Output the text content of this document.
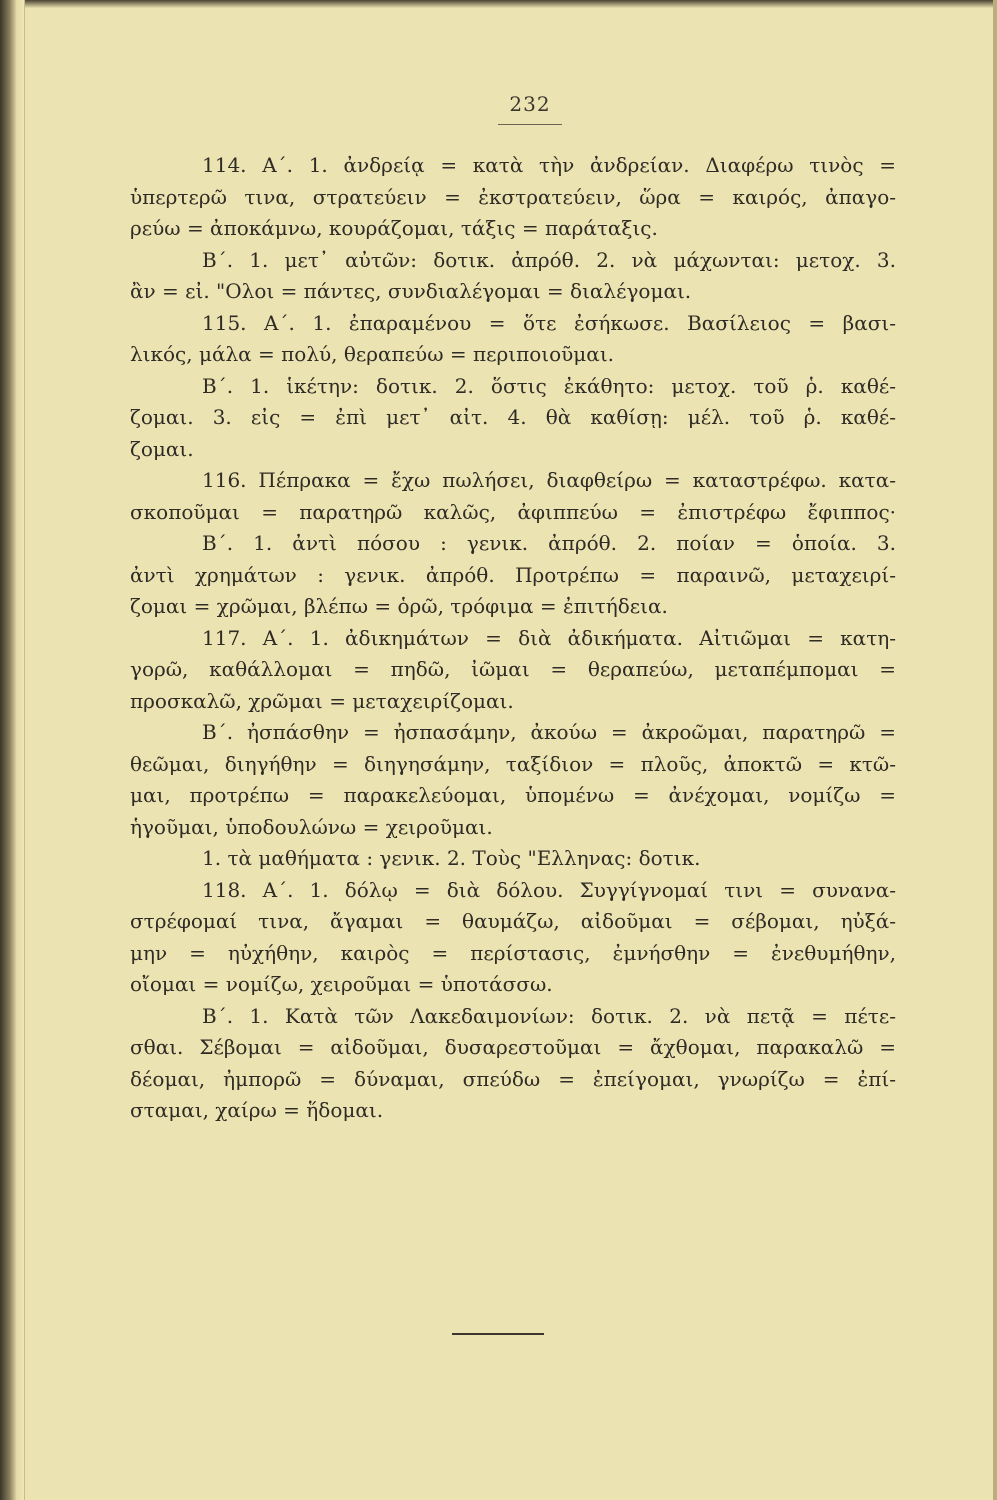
232

114. Α΄. 1. ἀνδρείᾳ = κατὰ τὴν ἀνδρείαν. Διαφέρω τινὸς =

ὑπερτερῶ τινα, στρατεύειν = ἐκστρατεύειν, ὥρα = καιρός, ἀπαγο-

ρεύω = ἀποκάμνω, κουράζομαι, τάξις = παράταξις.

Β΄. 1. μετ᾽ αὐτῶν: δοτικ. ἀπρόθ. 2. νὰ μάχωνται: μετοχ. 3.

ἂν = εἰ. "Ολοι = πάντες, συνδιαλέγομαι = διαλέγομαι.

115. Α΄. 1. ἐπαραμένου = ὅτε ἐσήκωσε. Βασίλειος = βασι-

λικός, μάλα = πολύ, θεραπεύω = περιποιοῦμαι.

Β΄. 1. ἱκέτην: δοτικ. 2. ὅστις ἐκάθητο: μετοχ. τοῦ ῥ. καθέ-

ζομαι. 3. εἰς = ἐπὶ μετ᾽ αἰτ. 4. θὰ καθίσῃ: μέλ. τοῦ ῥ. καθέ-

ζομαι.

116. Πέπρακα = ἔχω πωλήσει, διαφθείρω = καταστρέφω. κατα-

σκοποῦμαι = παρατηρῶ καλῶς, ἀφιππεύω = ἐπιστρέφω ἔφιππος·

Β΄. 1. ἀντὶ πόσου : γενικ. ἀπρόθ. 2. ποίαν = ὁποία. 3.

ἀντὶ χρημάτων : γενικ. ἀπρόθ. Προτρέπω = παραινῶ, μεταχειρί-

ζομαι = χρῶμαι, βλέπω = ὁρῶ, τρόφιμα = ἐπιτήδεια.

117. Α΄. 1. ἀδικημάτων = διὰ ἀδικήματα. Αἰτιῶμαι = κατη-

γορῶ, καθάλλομαι = πηδῶ, ἰῶμαι = θεραπεύω, μεταπέμπομαι =

προσκαλῶ, χρῶμαι = μεταχειρίζομαι.

Β΄. ἠσπάσθην = ἠσπασάμην, ἀκούω = ἀκροῶμαι, παρατηρῶ =

θεῶμαι, διηγήθην = διηγησάμην, ταξίδιον = πλοῦς, ἀποκτῶ = κτῶ-

μαι, προτρέπω = παρακελεύομαι, ὑπομένω = ἀνέχομαι, νομίζω =

ἡγοῦμαι, ὑποδουλώνω = χειροῦμαι.

1. τὰ μαθήματα : γενικ. 2. Τοὺς "Ελληνας: δοτικ.

118. Α΄. 1. δόλῳ = διὰ δόλου. Συγγίγνομαί τινι = συνανα-

στρέφομαί τινα, ἄγαμαι = θαυμάζω, αἰδοῦμαι = σέβομαι, ηὐξά-

μην = ηὐχήθην, καιρὸς = περίστασις, ἐμνήσθην = ἐνεθυμήθην,

οἴομαι = νομίζω, χειροῦμαι = ὑποτάσσω.

Β΄. 1. Κατὰ τῶν Λακεδαιμονίων: δοτικ. 2. νὰ πετᾷ = πέτε-

σθαι. Σέβομαι = αἰδοῦμαι, δυσαρεστοῦμαι = ἄχθομαι, παρακαλῶ =

δέομαι, ἠμπορῶ = δύναμαι, σπεύδω = ἐπείγομαι, γνωρίζω = ἐπί-

σταμαι, χαίρω = ἥδομαι.
